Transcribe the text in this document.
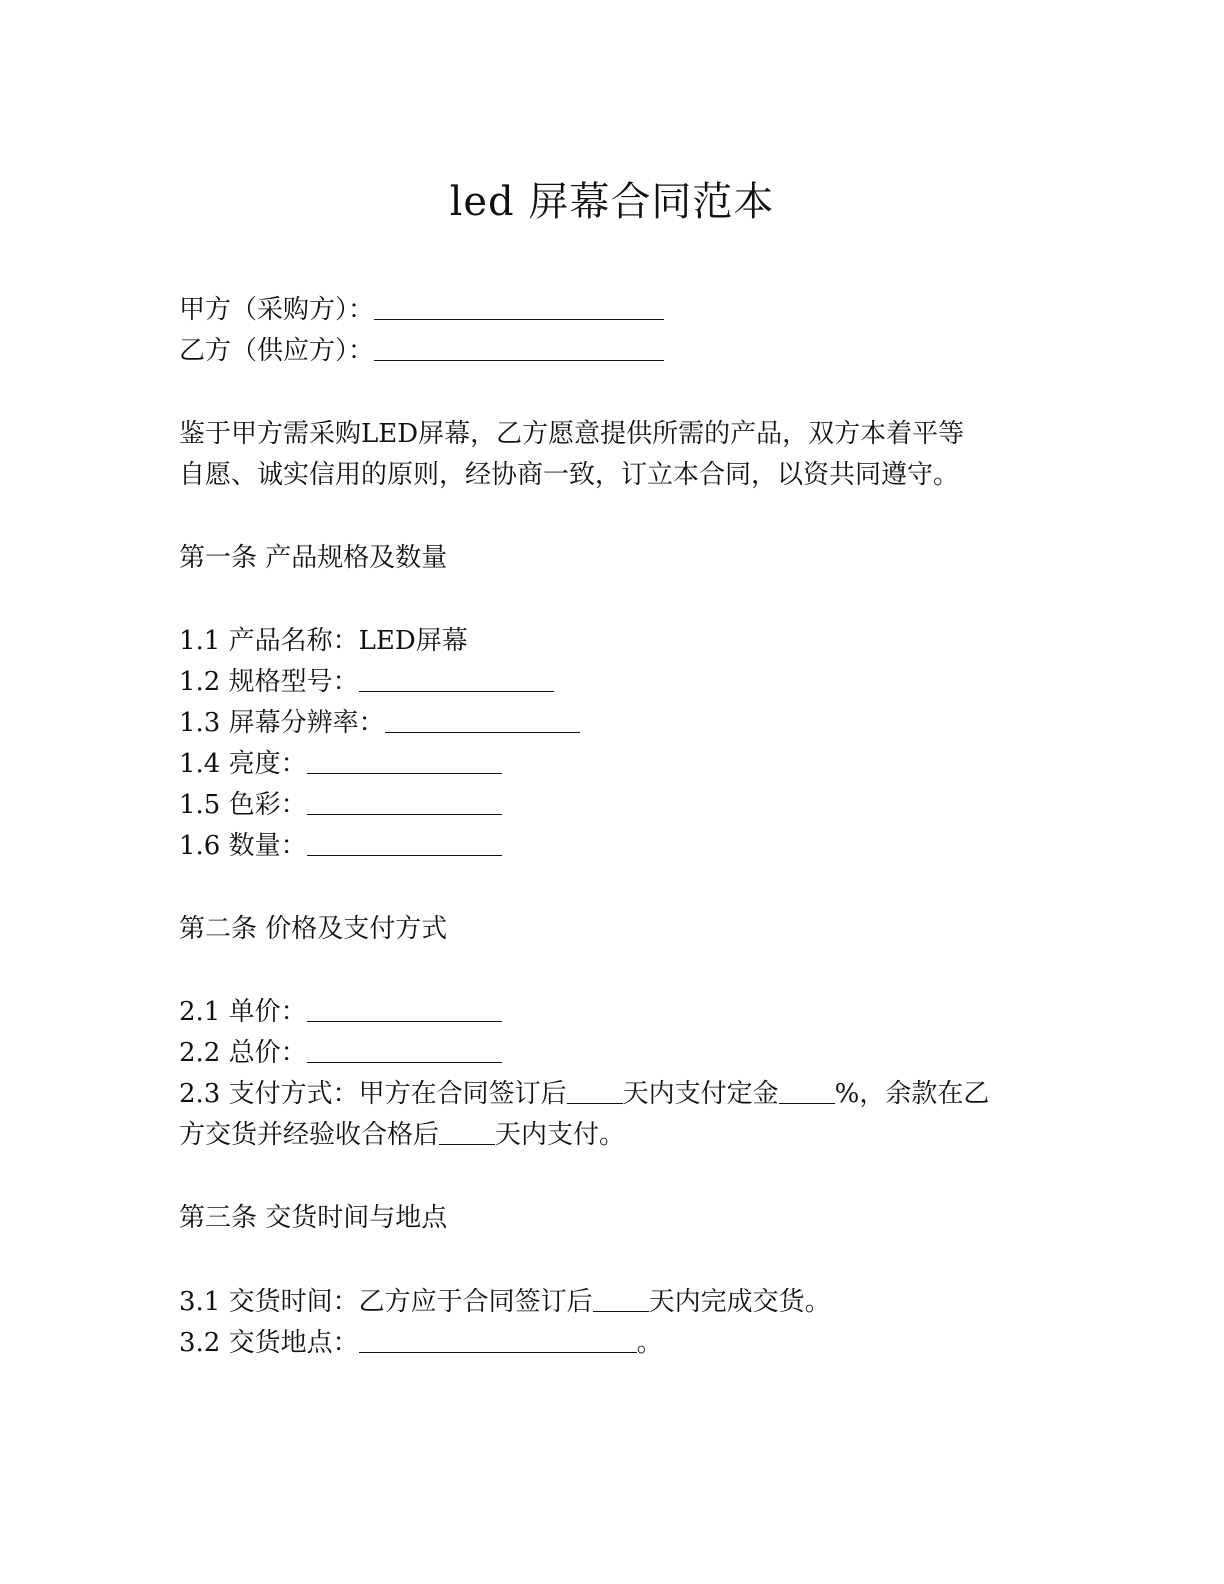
led 屏幕合同范本
甲方（采购方）：
乙方（供应方）：
鉴于甲方需采购LED屏幕，乙方愿意提供所需的产品，双方本着平等
自愿、诚实信用的原则，经协商一致，订立本合同，以资共同遵守。
第一条 产品规格及数量
1.1 产品名称：LED屏幕
1.2 规格型号：
1.3 屏幕分辨率：
1.4 亮度：
1.5 色彩：
1.6 数量：
第二条 价格及支付方式
2.1 单价：
2.2 总价：
2.3 支付方式：甲方在合同签订后 天内支付定金 %，余款在乙
方交货并经验收合格后 天内支付。
第三条 交货时间与地点
3.1 交货时间：乙方应于合同签订后 天内完成交货。
3.2 交货地点：	。
